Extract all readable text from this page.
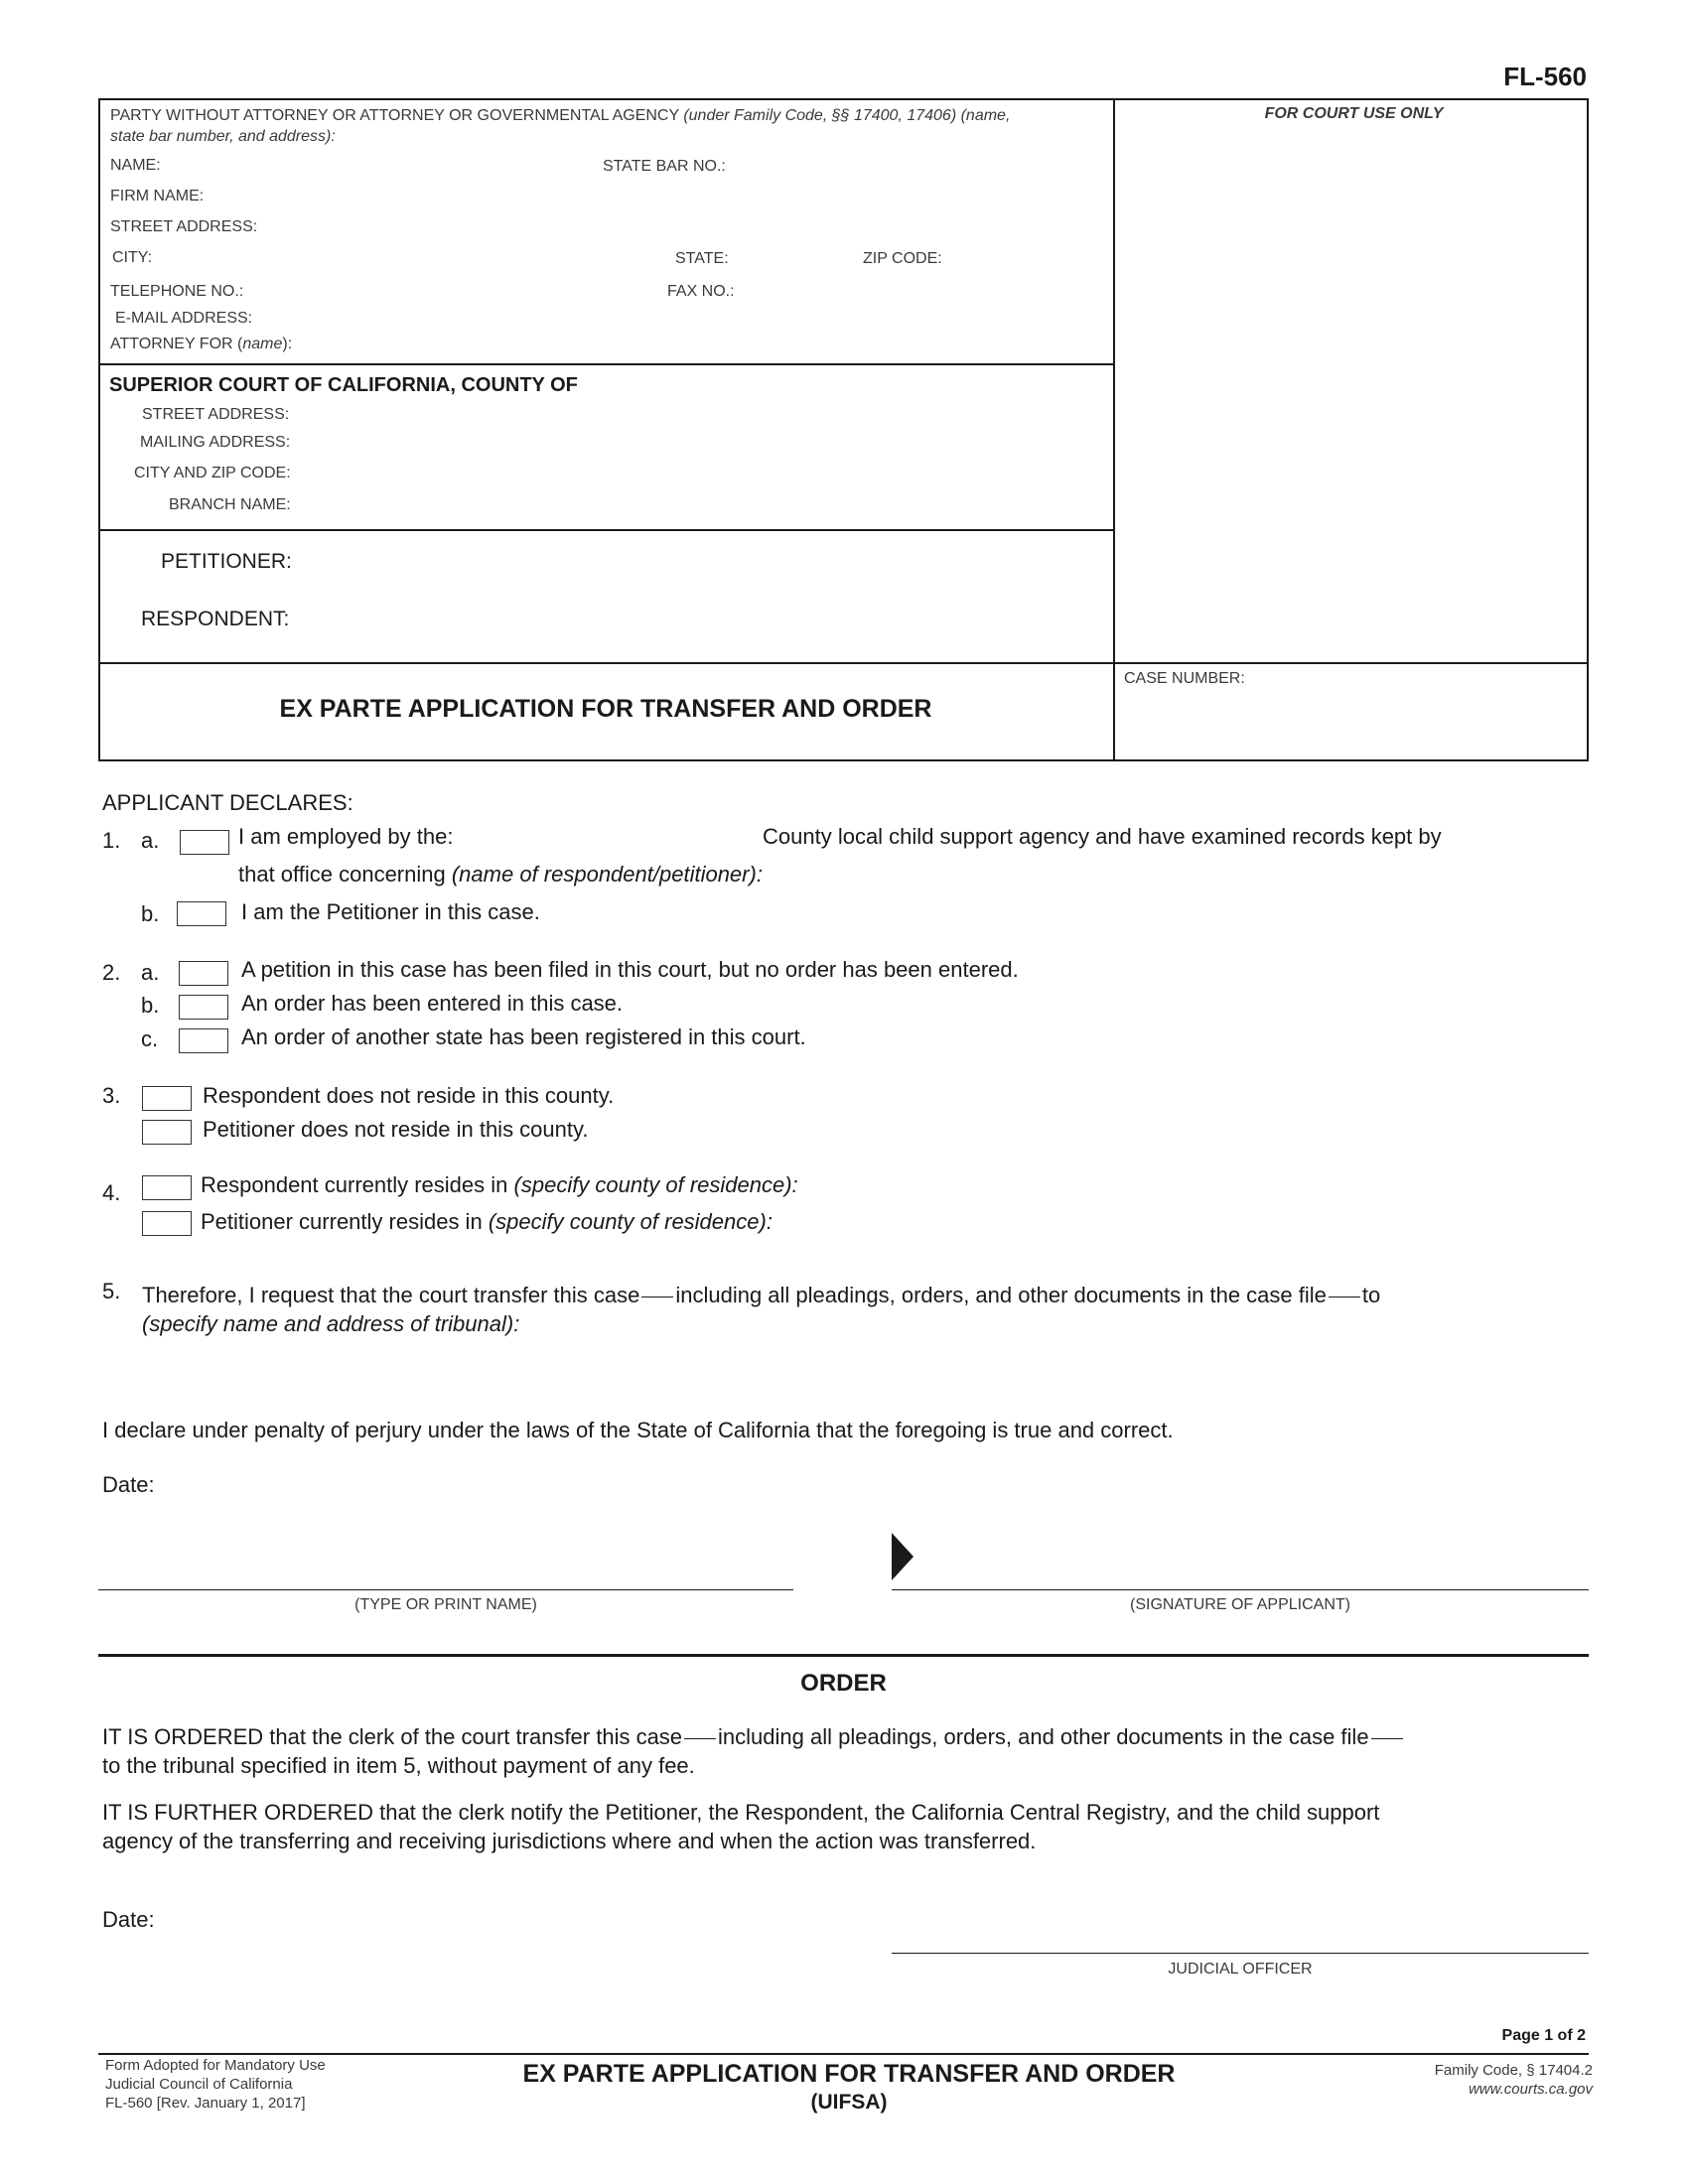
FL-560
PARTY WITHOUT ATTORNEY OR ATTORNEY OR GOVERNMENTAL AGENCY (under Family Code, §§ 17400, 17406) (name,
state bar number, and address):
NAME:	STATE BAR NO.:
FIRM NAME:
STREET ADDRESS:
CITY:	STATE:	ZIP CODE:
TELEPHONE NO.:	FAX NO.:
E-MAIL ADDRESS:
ATTORNEY FOR (name):
FOR COURT USE ONLY
SUPERIOR COURT OF CALIFORNIA, COUNTY OF
STREET ADDRESS:
MAILING ADDRESS:
CITY AND ZIP CODE:
BRANCH NAME:
PETITIONER:
RESPONDENT:
EX PARTE APPLICATION FOR TRANSFER AND ORDER
CASE NUMBER:
APPLICANT DECLARES:
1. a.	I am employed by the:	County local child support agency and have examined records kept by
that office concerning (name of respondent/petitioner):
b.	I am the Petitioner in this case.
2. a.	A petition in this case has been filed in this court, but no order has been entered.
b.	An order has been entered in this case.
c.	An order of another state has been registered in this court.
3.	Respondent does not reside in this county.
Petitioner does not reside in this county.
4.	Respondent currently resides in (specify county of residence):
Petitioner currently resides in (specify county of residence):
5. Therefore, I request that the court transfer this case including all pleadings, orders, and other documents in the case file to
(specify name and address of tribunal):
I declare under penalty of perjury under the laws of the State of California that the foregoing is true and correct.
Date:
(TYPE OR PRINT NAME)	(SIGNATURE OF APPLICANT)
ORDER
IT IS ORDERED that the clerk of the court transfer this case including all pleadings, orders, and other documents in the case file
to the tribunal specified in item 5, without payment of any fee.
IT IS FURTHER ORDERED that the clerk notify the Petitioner, the Respondent, the California Central Registry, and the child support
agency of the transferring and receiving jurisdictions where and when the action was transferred.
Date:
JUDICIAL OFFICER
Page 1 of 2
Form Adopted for Mandatory Use
Judicial Council of California
FL-560 [Rev. January 1, 2017]
EX PARTE APPLICATION FOR TRANSFER AND ORDER
(UIFSA)
Family Code, § 17404.2
www.courts.ca.gov
